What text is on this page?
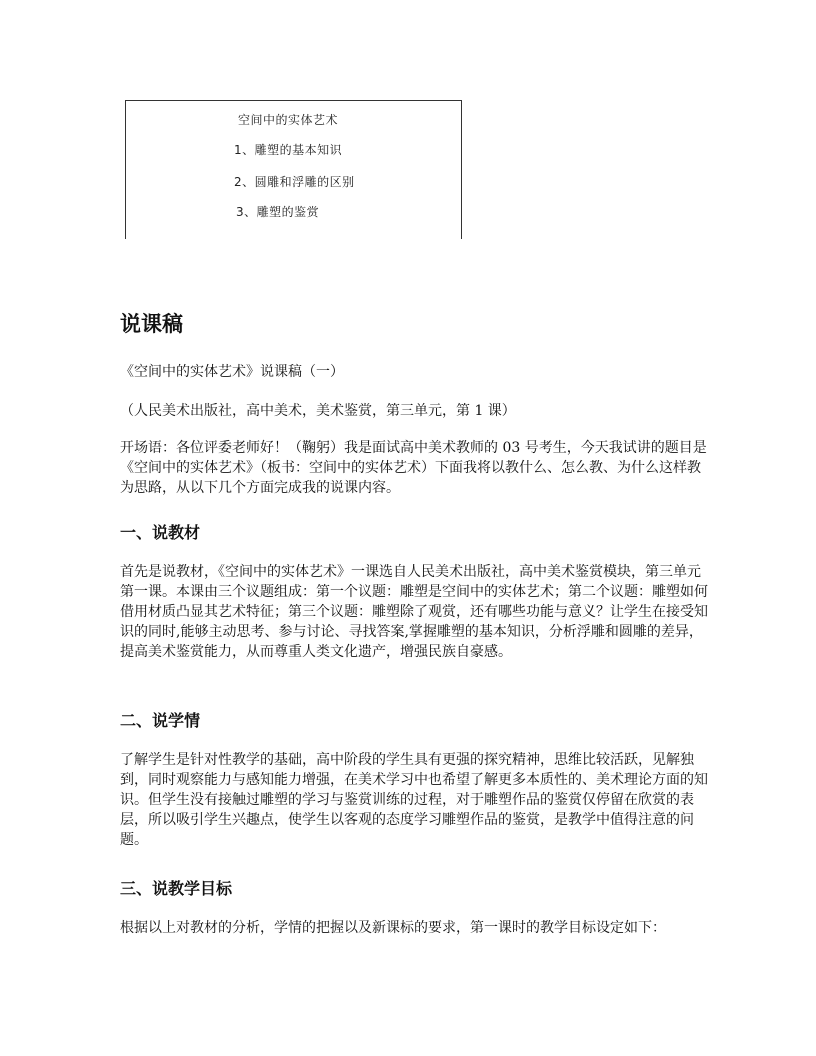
空间中的实体艺术
1、雕塑的基本知识
2、圆雕和浮雕的区别
3、雕塑的鉴赏
说课稿

《空间中的实体艺术》说课稿（一）

（人民美术出版社，高中美术，美术鉴赏，第三单元，第 1 课）

开场语：各位评委老师好！（鞠躬）我是面试高中美术教师的 03 号考生，今天我试讲的题目是《空间中的实体艺术》（板书：空间中的实体艺术）下面我将以教什么、怎么教、为什么这样教为思路，从以下几个方面完成我的说课内容。

一、说教材

首先是说教材，《空间中的实体艺术》一课选自人民美术出版社，高中美术鉴赏模块，第三单元第一课。本课由三个议题组成：第一个议题：雕塑是空间中的实体艺术；第二个议题：雕塑如何借用材质凸显其艺术特征；第三个议题：雕塑除了观赏，还有哪些功能与意义？让学生在接受知识的同时,能够主动思考、参与讨论、寻找答案,掌握雕塑的基本知识，分析浮雕和圆雕的差异，提高美术鉴赏能力，从而尊重人类文化遗产，增强民族自豪感。

二、说学情

了解学生是针对性教学的基础，高中阶段的学生具有更强的探究精神，思维比较活跃，见解独到，同时观察能力与感知能力增强，在美术学习中也希望了解更多本质性的、美术理论方面的知识。但学生没有接触过雕塑的学习与鉴赏训练的过程，对于雕塑作品的鉴赏仅停留在欣赏的表层，所以吸引学生兴趣点，使学生以客观的态度学习雕塑作品的鉴赏，是教学中值得注意的问题。

三、说教学目标

根据以上对教材的分析，学情的把握以及新课标的要求，第一课时的教学目标设定如下：
